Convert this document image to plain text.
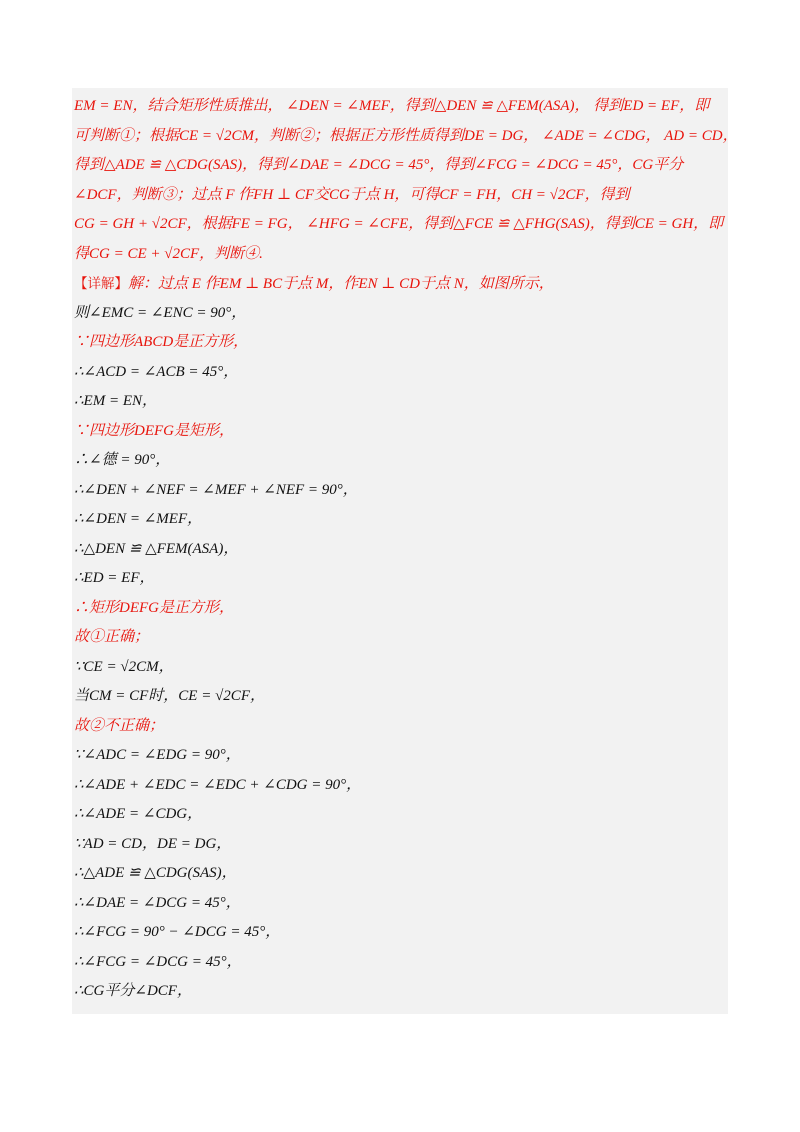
EM = EN，结合矩形性质推出， ∠DEN = ∠MEF，得到△DEN ≌ △FEM(ASA)， 得到ED = EF，即
可判断①；根据CE = √2CM，判断②；根据正方形性质得到DE = DG， ∠ADE = ∠CDG， AD = CD，
得到△ADE ≌ △CDG(SAS)，得到∠DAE = ∠DCG = 45°，得到∠FCG = ∠DCG = 45°，CG平分
∠DCF，判断③；过点 F 作FH ⊥ CF交CG于点 H，可得CF = FH，CH = √2CF，得到
CG = GH + √2CF，根据FE = FG， ∠HFG = ∠CFE，得到△FCE ≌ △FHG(SAS)，得到CE = GH，即
得CG = CE + √2CF，判断④.
【详解】解：过点 E 作EM ⊥ BC于点 M，作EN ⊥ CD于点 N，如图所示，
则∠EMC = ∠ENC = 90°，
∵四边形ABCD是正方形，
∴∠ACD = ∠ACB = 45°，
∴EM = EN，
∵四边形DEFG是矩形，
∴∠德 = 90°，
∴∠DEN + ∠NEF = ∠MEF + ∠NEF = 90°，
∴∠DEN = ∠MEF，
∴△DEN ≌ △FEM(ASA)，
∴ED = EF，
∴矩形DEFG是正方形，
故①正确；
∵CE = √2CM，
当CM = CF时，CE = √2CF，
故②不正确；
∵∠ADC = ∠EDG = 90°，
∴∠ADE + ∠EDC = ∠EDC + ∠CDG = 90°，
∴∠ADE = ∠CDG，
∵AD = CD，DE = DG，
∴△ADE ≌ △CDG(SAS)，
∴∠DAE = ∠DCG = 45°，
∴∠FCG = 90° − ∠DCG = 45°，
∴∠FCG = ∠DCG = 45°，
∴CG平分∠DCF，
